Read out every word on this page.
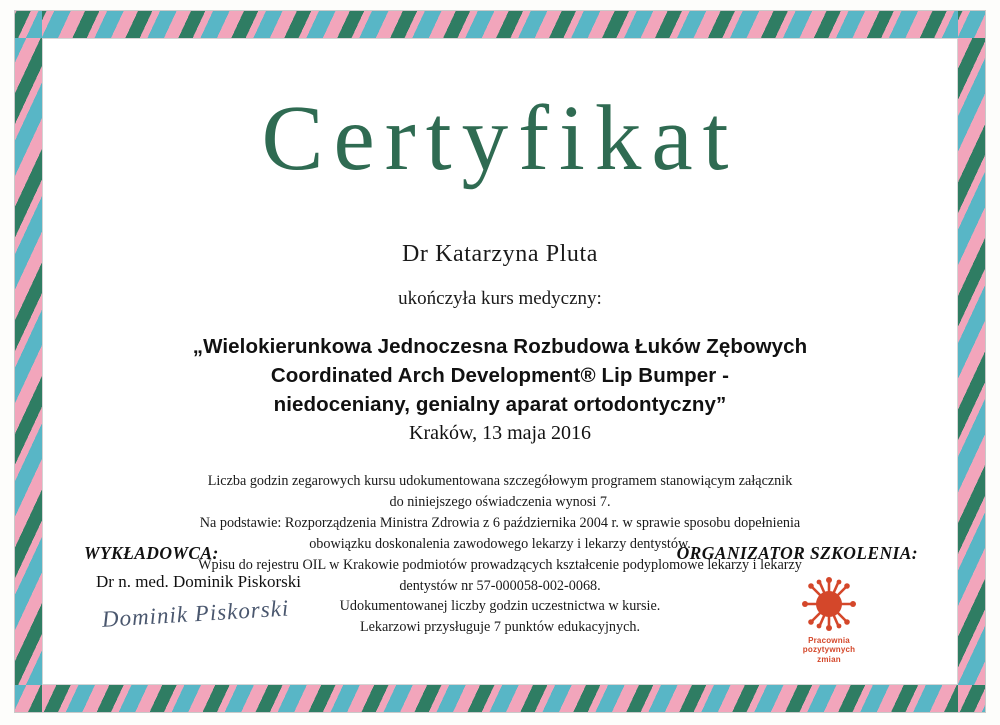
Certyfikat
Dr Katarzyna Pluta
ukończyła kurs medyczny:
„Wielokierunkowa Jednoczesna Rozbudowa Łuków Zębowych
Coordinated Arch Development® Lip Bumper -
niedoceniany, genialny aparat ortodontyczny”
Kraków, 13 maja 2016
Liczba godzin zegarowych kursu udokumentowana szczegółowym programem stanowiącym załącznik
do niniejszego oświadczenia wynosi 7.
Na podstawie: Rozporządzenia Ministra Zdrowia z 6 października 2004 r. w sprawie sposobu dopełnienia
obowiązku doskonalenia zawodowego lekarzy i lekarzy dentystów.
Wpisu do rejestru OIL w Krakowie podmiotów prowadzących kształcenie podyplomowe lekarzy i lekarzy
dentystów nr 57-000058-002-0068.
Udokumentowanej liczby godzin uczestnictwa w kursie.
Lekarzowi przysługuje 7 punktów edukacyjnych.
WYKŁADOWCA:
Dr n. med. Dominik Piskorski
Dominik Piskorski
ORGANIZATOR SZKOLENIA:
Pracownia
pozytywnych
zmian
